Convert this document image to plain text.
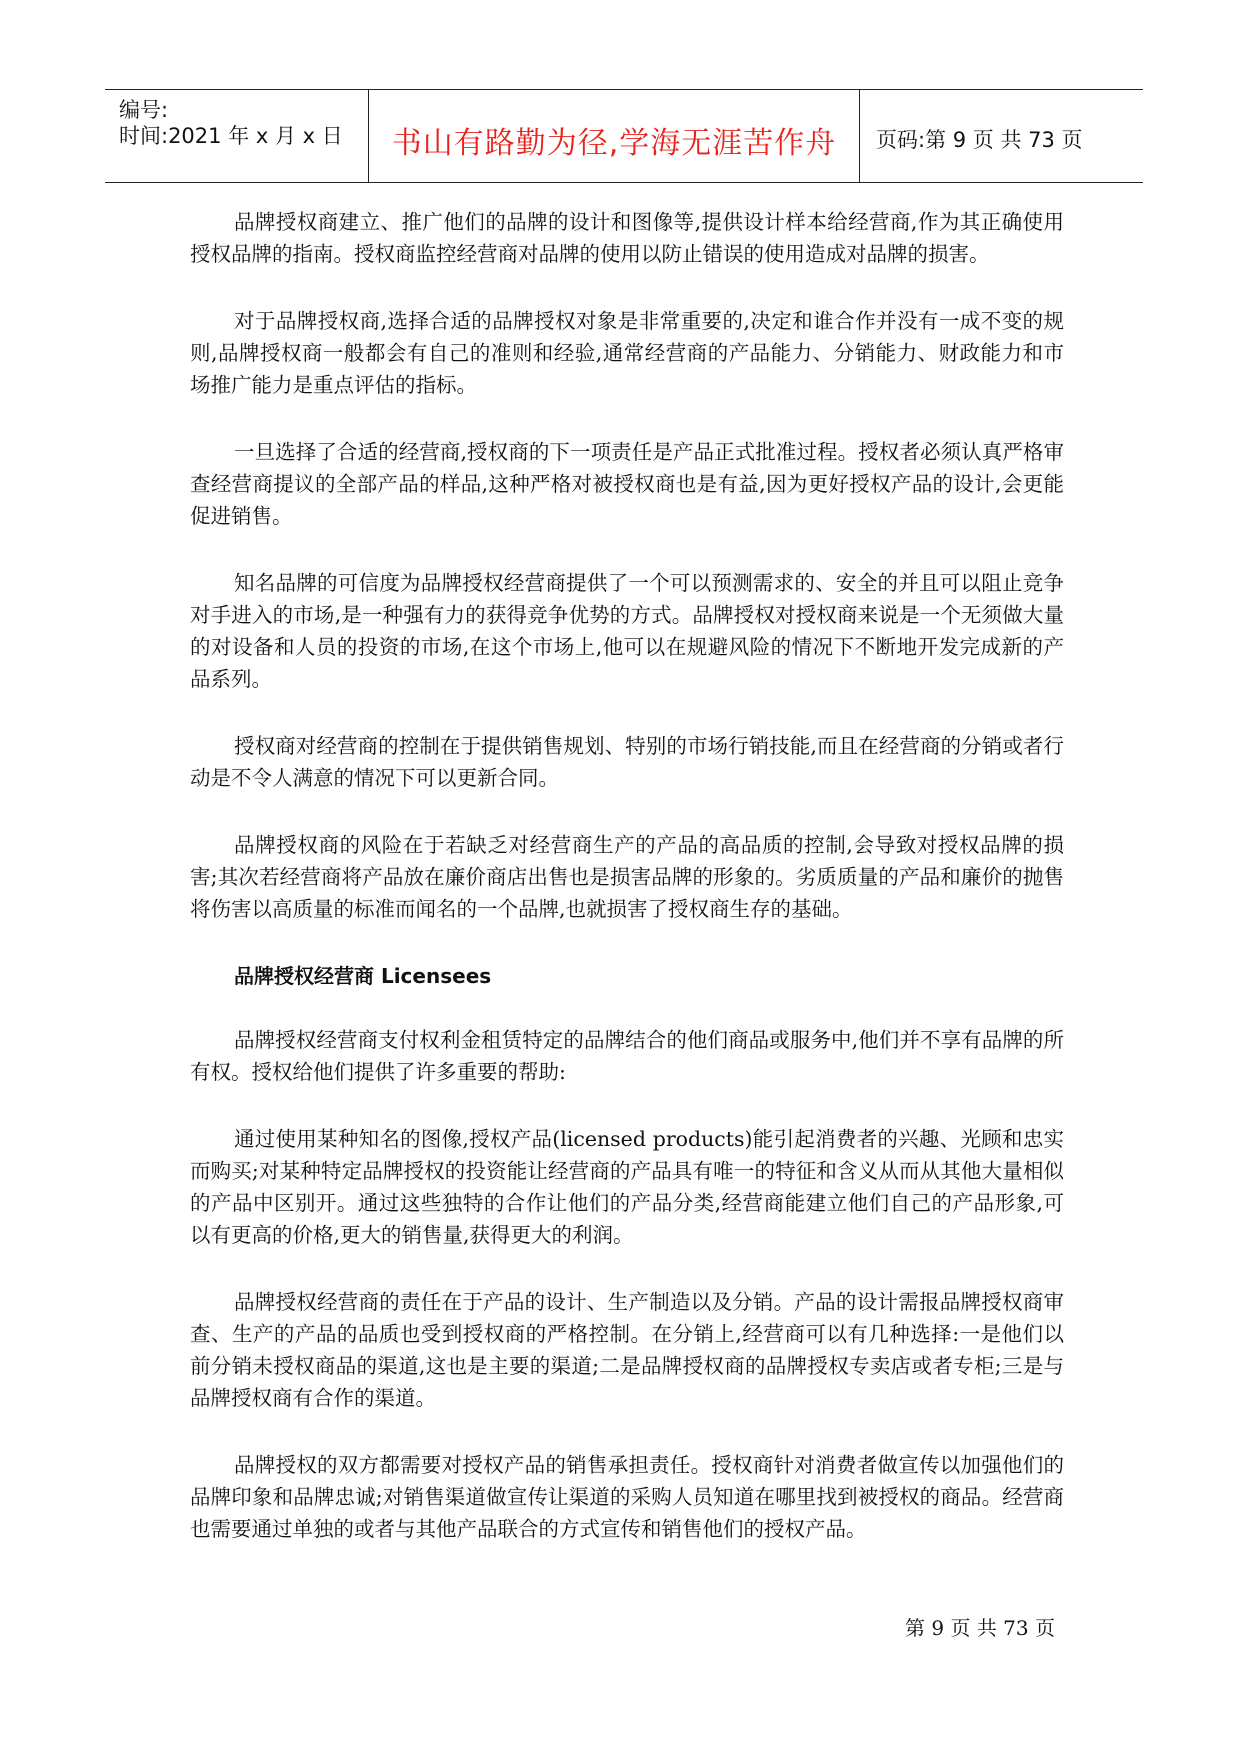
编号:
时间:2021 年 x 月 x 日	书山有路勤为径,学海无涯苦作舟	页码:第 9 页 共 73 页

品牌授权商建立、推广他们的品牌的设计和图像等,提供设计样本给经营商,作为其正确使用授权品牌的指南。授权商监控经营商对品牌的使用以防止错误的使用造成对品牌的损害。

对于品牌授权商,选择合适的品牌授权对象是非常重要的,决定和谁合作并没有一成不变的规则,品牌授权商一般都会有自己的准则和经验,通常经营商的产品能力、分销能力、财政能力和市场推广能力是重点评估的指标。

一旦选择了合适的经营商,授权商的下一项责任是产品正式批准过程。授权者必须认真严格审查经营商提议的全部产品的样品,这种严格对被授权商也是有益,因为更好授权产品的设计,会更能促进销售。

知名品牌的可信度为品牌授权经营商提供了一个可以预测需求的、安全的并且可以阻止竞争对手进入的市场,是一种强有力的获得竞争优势的方式。品牌授权对授权商来说是一个无须做大量的对设备和人员的投资的市场,在这个市场上,他可以在规避风险的情况下不断地开发完成新的产品系列。

授权商对经营商的控制在于提供销售规划、特别的市场行销技能,而且在经营商的分销或者行动是不令人满意的情况下可以更新合同。

品牌授权商的风险在于若缺乏对经营商生产的产品的高品质的控制,会导致对授权品牌的损害;其次若经营商将产品放在廉价商店出售也是损害品牌的形象的。劣质质量的产品和廉价的抛售将伤害以高质量的标准而闻名的一个品牌,也就损害了授权商生存的基础。

品牌授权经营商 Licensees

品牌授权经营商支付权利金租赁特定的品牌结合的他们商品或服务中,他们并不享有品牌的所有权。授权给他们提供了许多重要的帮助:

通过使用某种知名的图像,授权产品(licensed products)能引起消费者的兴趣、光顾和忠实而购买;对某种特定品牌授权的投资能让经营商的产品具有唯一的特征和含义从而从其他大量相似的产品中区别开。通过这些独特的合作让他们的产品分类,经营商能建立他们自己的产品形象,可以有更高的价格,更大的销售量,获得更大的利润。

品牌授权经营商的责任在于产品的设计、生产制造以及分销。产品的设计需报品牌授权商审查、生产的产品的品质也受到授权商的严格控制。在分销上,经营商可以有几种选择:一是他们以前分销未授权商品的渠道,这也是主要的渠道;二是品牌授权商的品牌授权专卖店或者专柜;三是与品牌授权商有合作的渠道。

品牌授权的双方都需要对授权产品的销售承担责任。授权商针对消费者做宣传以加强他们的品牌印象和品牌忠诚;对销售渠道做宣传让渠道的采购人员知道在哪里找到被授权的商品。经营商也需要通过单独的或者与其他产品联合的方式宣传和销售他们的授权产品。

第 9 页 共 73 页
